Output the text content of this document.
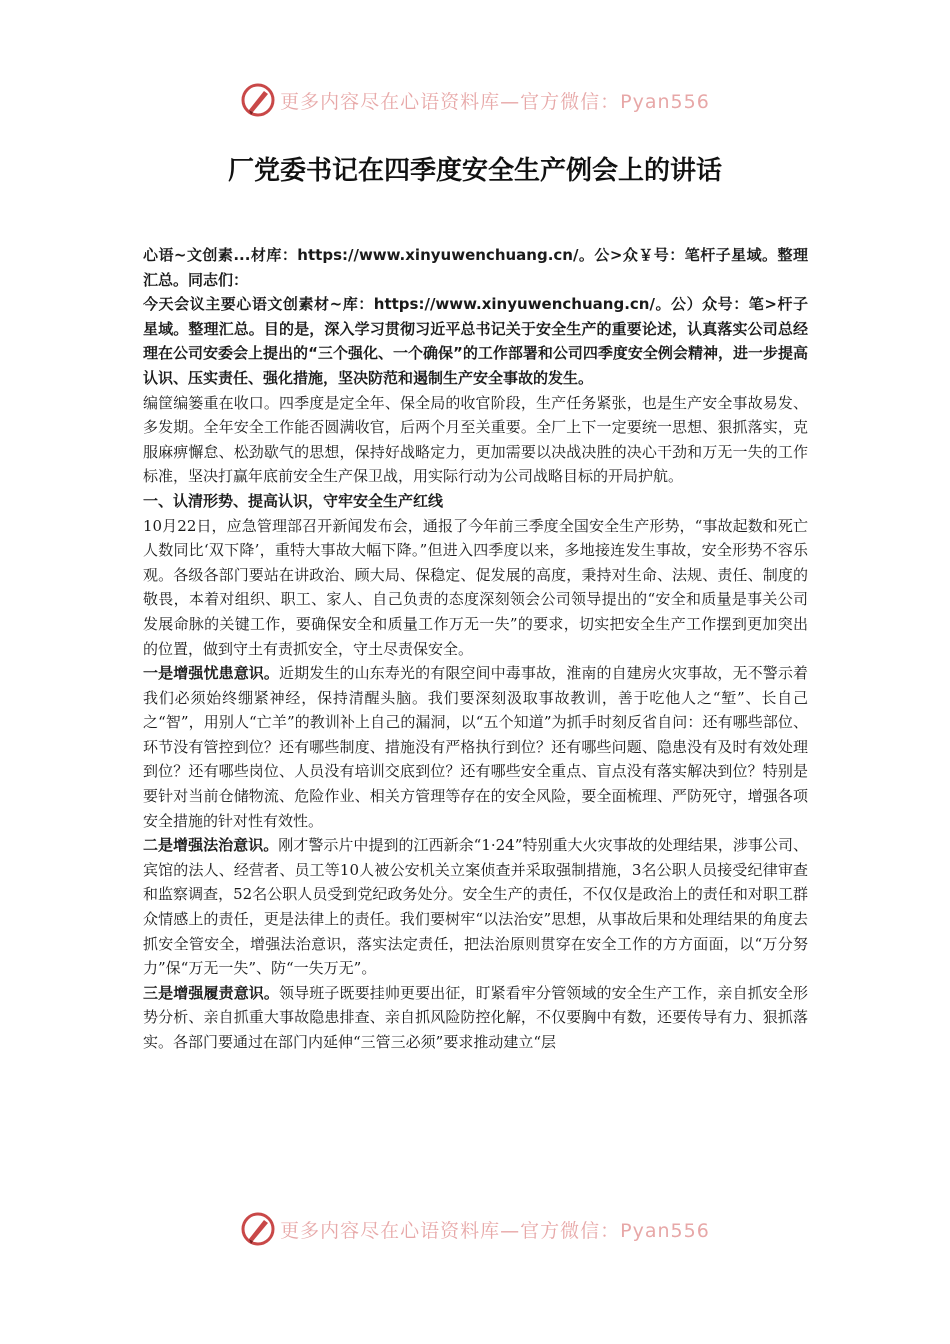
更多内容尽在心语资料库—官方微信：Pyan556
厂党委书记在四季度安全生产例会上的讲话

心语~文创素...材库：https://www.xinyuwenchuang.cn/。公>众￥号：笔杆子星域。整理汇总。同志们：

今天会议主要心语文创素材~库：https://www.xinyuwenchuang.cn/。公）众号：笔>杆子星域。整理汇总。目的是，深入学习贯彻习近平总书记关于安全生产的重要论述，认真落实公司总经理在公司安委会上提出的“三个强化、一个确保”的工作部署和公司四季度安全例会精神，进一步提高认识、压实责任、强化措施，坚决防范和遏制生产安全事故的发生。

编筐编篓重在收口。四季度是定全年、保全局的收官阶段，生产任务紧张，也是生产安全事故易发、多发期。全年安全工作能否圆满收官，后两个月至关重要。全厂上下一定要统一思想、狠抓落实，克服麻痹懈怠、松劲歇气的思想，保持好战略定力，更加需要以决战决胜的决心干劲和万无一失的工作标准，坚决打赢年底前安全生产保卫战，用实际行动为公司战略目标的开局护航。

一、认清形势、提高认识，守牢安全生产红线

10月22日，应急管理部召开新闻发布会，通报了今年前三季度全国安全生产形势，“事故起数和死亡人数同比‘双下降’，重特大事故大幅下降。”但进入四季度以来，多地接连发生事故，安全形势不容乐观。各级各部门要站在讲政治、顾大局、保稳定、促发展的高度，秉持对生命、法规、责任、制度的敬畏，本着对组织、职工、家人、自己负责的态度深刻领会公司领导提出的“安全和质量是事关公司发展命脉的关键工作，要确保安全和质量工作万无一失”的要求，切实把安全生产工作摆到更加突出的位置，做到守土有责抓安全，守土尽责保安全。

一是增强忧患意识。近期发生的山东寿光的有限空间中毒事故，淮南的自建房火灾事故，无不警示着我们必须始终绷紧神经，保持清醒头脑。我们要深刻汲取事故教训，善于吃他人之“堑”、长自己之“智”，用别人“亡羊”的教训补上自己的漏洞，以“五个知道”为抓手时刻反省自问：还有哪些部位、环节没有管控到位？还有哪些制度、措施没有严格执行到位？还有哪些问题、隐患没有及时有效处理到位？还有哪些岗位、人员没有培训交底到位？还有哪些安全重点、盲点没有落实解决到位？特别是要针对当前仓储物流、危险作业、相关方管理等存在的安全风险，要全面梳理、严防死守，增强各项安全措施的针对性有效性。

二是增强法治意识。刚才警示片中提到的江西新余“1·24”特别重大火灾事故的处理结果，涉事公司、宾馆的法人、经营者、员工等10人被公安机关立案侦查并采取强制措施，3名公职人员接受纪律审查和监察调查，52名公职人员受到党纪政务处分。安全生产的责任，不仅仅是政治上的责任和对职工群众情感上的责任，更是法律上的责任。我们要树牢“以法治安”思想，从事故后果和处理结果的角度去抓安全管安全，增强法治意识，落实法定责任，把法治原则贯穿在安全工作的方方面面，以“万分努力”保“万无一失”、防“一失万无”。

三是增强履责意识。领导班子既要挂帅更要出征，盯紧看牢分管领域的安全生产工作，亲自抓安全形势分析、亲自抓重大事故隐患排查、亲自抓风险防控化解，不仅要胸中有数，还要传导有力、狠抓落实。各部门要通过在部门内延伸“三管三必须”要求推动建立“层

更多内容尽在心语资料库—官方微信：Pyan556
